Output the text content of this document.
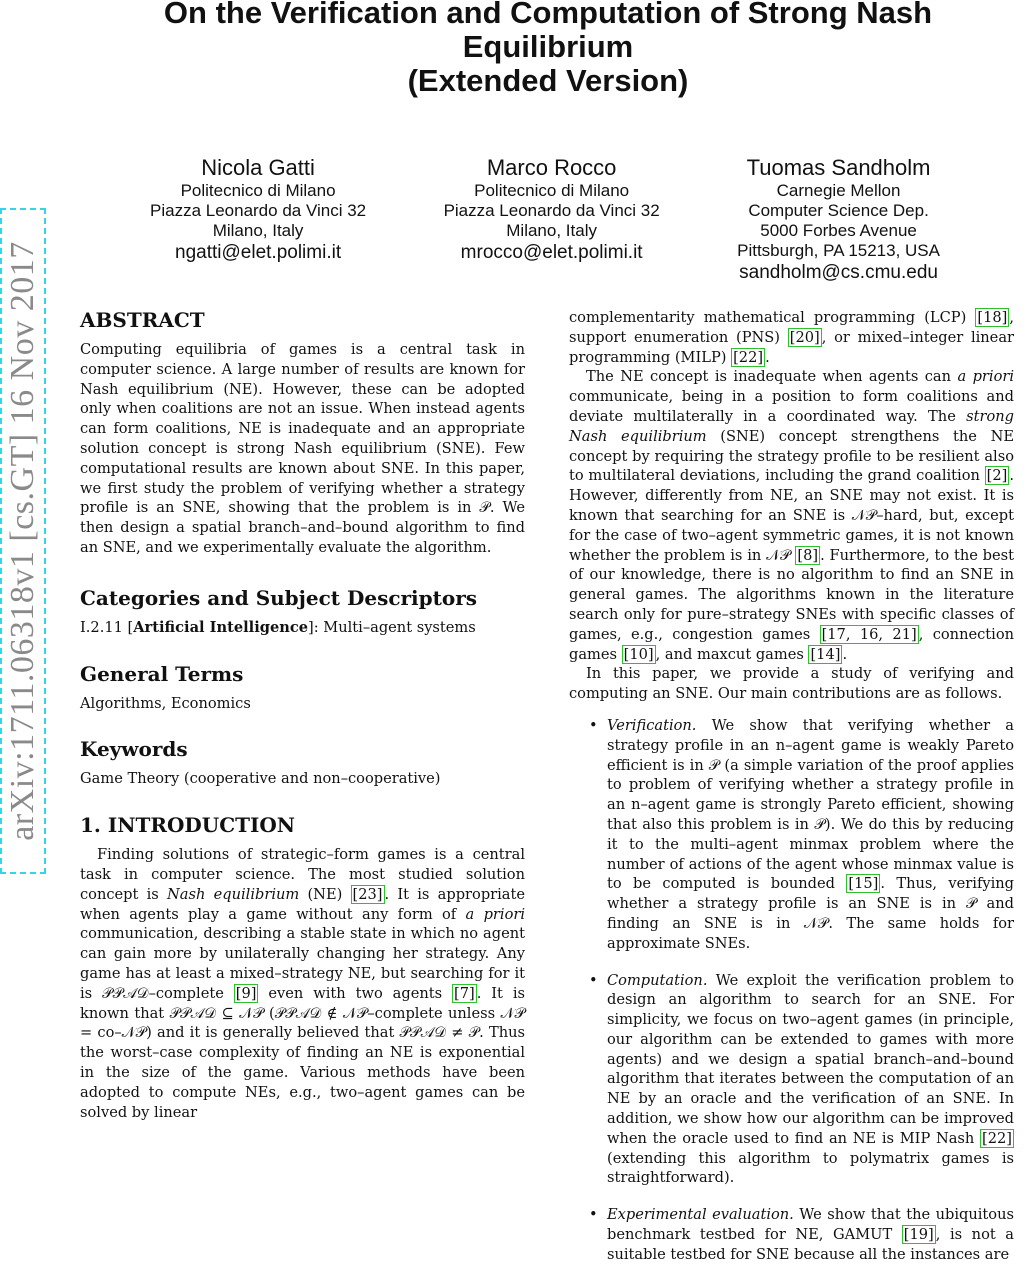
On the Verification and Computation of Strong Nash
Equilibrium
(Extended Version)
Nicola Gatti
Politecnico di Milano
Piazza Leonardo da Vinci 32
Milano, Italy
ngatti@elet.polimi.it
Marco Rocco
Politecnico di Milano
Piazza Leonardo da Vinci 32
Milano, Italy
mrocco@elet.polimi.it
Tuomas Sandholm
Carnegie Mellon
Computer Science Dep.
5000 Forbes Avenue
Pittsburgh, PA 15213, USA
sandholm@cs.cmu.edu
arXiv:1711.06318v1 [cs.GT] 16 Nov 2017 ABSTRACT

Computing equilibria of games is a central task in computer science. A large number of results are known for Nash equilibrium (NE). However, these can be adopted only when coalitions are not an issue. When instead agents can form coalitions, NE is inadequate and an appropriate solution concept is strong Nash equilibrium (SNE). Few computational results are known about SNE. In this paper, we first study the problem of verifying whether a strategy profile is an SNE, showing that the problem is in 𝒫. We then design a spatial branch–and–bound algorithm to find an SNE, and we experimentally evaluate the algorithm.

Categories and Subject Descriptors

I.2.11 [Artificial Intelligence]: Multi–agent systems

General Terms

Algorithms, Economics

Keywords

Game Theory (cooperative and non–cooperative)

1. INTRODUCTION

Finding solutions of strategic–form games is a central task in computer science. The most studied solution concept is Nash equilibrium (NE) [23] . It is appropriate when agents play a game without any form of a priori communication, describing a stable state in which no agent can gain more by unilaterally changing her strategy. Any game has at least a mixed–strategy NE, but searching for it is 𝒫𝒫𝒜𝒟–complete [9] even with two agents [7] . It is known that 𝒫𝒫𝒜𝒟 ⊆ 𝒩𝒫 (𝒫𝒫𝒜𝒟 ∉ 𝒩𝒫–complete unless 𝒩𝒫 = co–𝒩𝒫) and it is generally believed that 𝒫𝒫𝒜𝒟 ≠ 𝒫. Thus the worst–case complexity of finding an NE is exponential in the size of the game. Various methods have been adopted to compute NEs, e.g., two–agent games can be solved by linear

complementarity mathematical programming (LCP) [18] , support enumeration (PNS) [20] , or mixed–integer linear programming (MILP) [22] .

The NE concept is inadequate when agents can a priori communicate, being in a position to form coalitions and deviate multilaterally in a coordinated way. The strong Nash equilibrium (SNE) concept strengthens the NE concept by requiring the strategy profile to be resilient also to multilateral deviations, including the grand coalition [2] . However, differently from NE, an SNE may not exist. It is known that searching for an SNE is 𝒩𝒫–hard, but, except for the case of two–agent symmetric games, it is not known whether the problem is in 𝒩𝒫 [8] . Furthermore, to the best of our knowledge, there is no algorithm to find an SNE in general games. The algorithms known in the literature search only for pure–strategy SNEs with specific classes of games, e.g., congestion games [17, 16, 21] , connection games [10] , and maxcut games [14] .

In this paper, we provide a study of verifying and computing an SNE. Our main contributions are as follows.

• Verification. We show that verifying whether a strategy profile in an n–agent game is weakly Pareto efficient is in 𝒫 (a simple variation of the proof applies to problem of verifying whether a strategy profile in an n–agent game is strongly Pareto efficient, showing that also this problem is in 𝒫). We do this by reducing it to the multi–agent minmax problem where the number of actions of the agent whose minmax value is to be computed is bounded [15] . Thus, verifying whether a strategy profile is an SNE is in 𝒫 and finding an SNE is in 𝒩𝒫. The same holds for approximate SNEs.
• Computation. We exploit the verification problem to design an algorithm to search for an SNE. For simplicity, we focus on two–agent games (in principle, our algorithm can be extended to games with more agents) and we design a spatial branch–and–bound algorithm that iterates between the computation of an NE by an oracle and the verification of an SNE. In addition, we show how our algorithm can be improved when the oracle used to find an NE is MIP Nash [22] (extending this algorithm to polymatrix games is straightforward).
• Experimental evaluation. We show that the ubiquitous benchmark testbed for NE, GAMUT [19] , is not a suitable testbed for SNE because all the instances are
